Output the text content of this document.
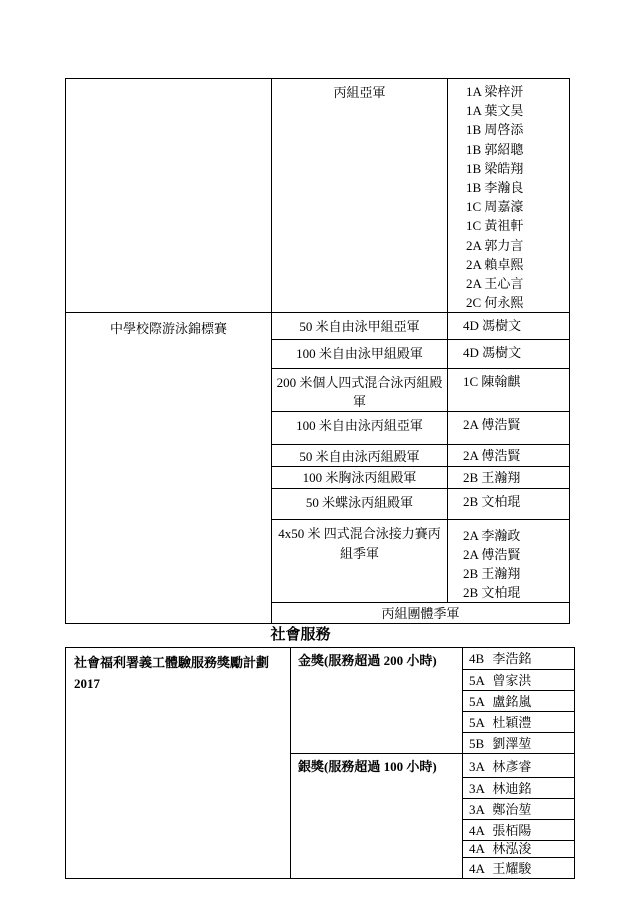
	丙組亞軍	1A 梁梓汧
1A 葉文昊
1B 周啓添
1B 郭紹聰
1B 梁皓翔
1B 李瀚良
1C 周嘉濠
1C 黃祖軒
2A 郭力言
2A 賴卓熙
2A 王心言
2C 何永熙

中學校際游泳錦標賽	50 米自由泳甲組亞軍	4D 馮樹文

	100 米自由泳甲組殿軍	4D 馮樹文

	200 米個人四式混合泳丙組殿軍	1C 陳翰麒

	100 米自由泳丙組亞軍	2A 傅浩賢

	50 米自由泳丙組殿軍	2A 傅浩賢

	100 米胸泳丙組殿軍	2B 王瀚翔

	50 米蝶泳丙組殿軍	2B 文柏琨

	4x50 米 四式混合泳接力賽丙組季軍	2A 李瀚政
2A 傅浩賢
2B 王瀚翔
2B 文柏琨

	丙組團體季軍	
社會服務
社會福利署義工體驗服務獎勵計劃 2017	金獎(服務超過 200 小時)	4B 李浩銘

		5A 曾家洪

		5A 盧銘嵐

		5A 杜穎澧

		5B 劉澤堃

	銀獎(服務超過 100 小時)	3A 林彥睿

		3A 林迪銘

		3A 鄭治堃

		4A 張栢陽

		4A 林泓浚

		4A 王耀駿
